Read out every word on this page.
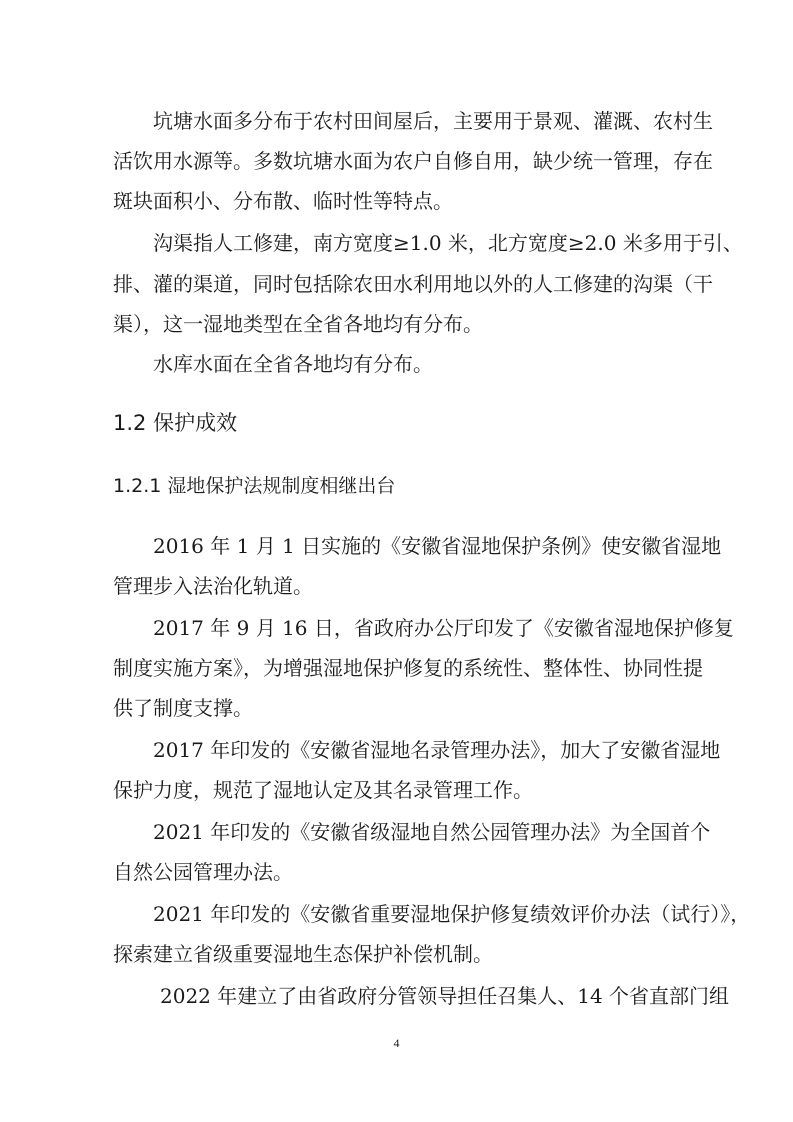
坑塘水面多分布于农村田间屋后，主要用于景观、灌溉、农村生
活饮用水源等。多数坑塘水面为农户自修自用，缺少统一管理，存在
斑块面积小、分布散、临时性等特点。
沟渠指人工修建，南方宽度≥1.0 米，北方宽度≥2.0 米多用于引、
排、灌的渠道，同时包括除农田水利用地以外的人工修建的沟渠（干
渠），这一湿地类型在全省各地均有分布。
水库水面在全省各地均有分布。
1.2 保护成效
1.2.1 湿地保护法规制度相继出台
2016 年 1 月 1 日实施的《安徽省湿地保护条例》使安徽省湿地
管理步入法治化轨道。
2017 年 9 月 16 日，省政府办公厅印发了《安徽省湿地保护修复
制度实施方案》，为增强湿地保护修复的系统性、整体性、协同性提
供了制度支撑。
2017 年印发的《安徽省湿地名录管理办法》，加大了安徽省湿地
保护力度，规范了湿地认定及其名录管理工作。
2021 年印发的《安徽省级湿地自然公园管理办法》为全国首个
自然公园管理办法。
2021 年印发的《安徽省重要湿地保护修复绩效评价办法（试行）》，
探索建立省级重要湿地生态保护补偿机制。
2022 年建立了由省政府分管领导担任召集人、14 个省直部门组
4
